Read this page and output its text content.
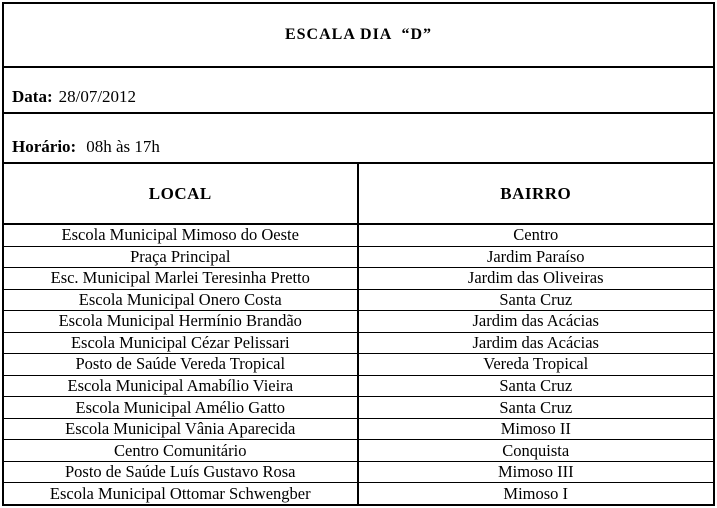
ESCALA DIA  “D”
Data: 28/07/2012
Horário: 08h às 17h
LOCAL	BAIRRO
Escola Municipal Mimoso do Oeste	Centro
Praça Principal	Jardim Paraíso
Esc. Municipal Marlei Teresinha Pretto	Jardim das Oliveiras
Escola Municipal Onero Costa	Santa Cruz
Escola Municipal Hermínio Brandão	Jardim das Acácias
Escola Municipal Cézar Pelissari	Jardim das Acácias
Posto de Saúde Vereda Tropical	Vereda Tropical
Escola Municipal Amabílio Vieira	Santa Cruz
Escola Municipal Amélio Gatto	Santa Cruz
Escola Municipal Vânia Aparecida	Mimoso II
Centro Comunitário	Conquista
Posto de Saúde Luís Gustavo Rosa	Mimoso III
Escola Municipal Ottomar Schwengber	Mimoso I
